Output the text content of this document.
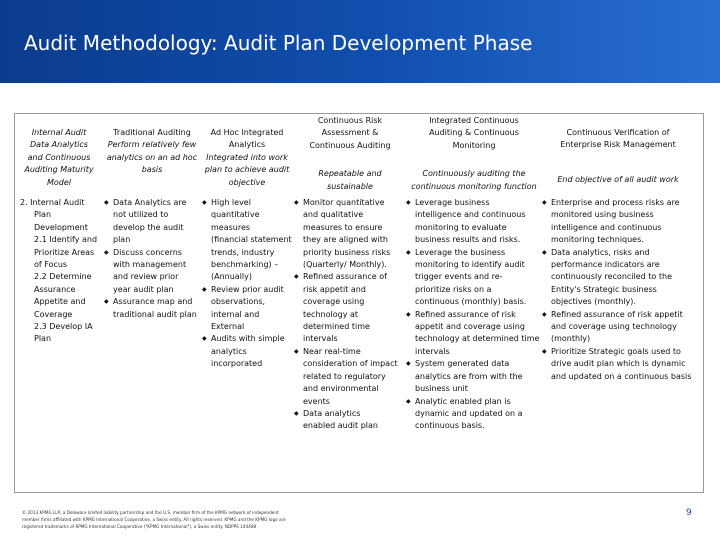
Audit Methodology: Audit Plan Development Phase
Internal Audit
Data Analytics
and Continuous
Auditing Maturity
Model
2. Internal Audit
Plan
Development
2.1 Identify and
Prioritize Areas
of Focus
2.2 Determine
Assurance
Appetite and
Coverage
2.3 Develop IA
Plan
Traditional Auditing
Perform relatively few
analytics on an ad hoc
basis
◆ Data Analytics are
not utilized to
develop the audit
plan
◆ Discuss concerns
with management
and review prior
year audit plan
◆ Assurance map and
traditional audit plan
Ad Hoc Integrated
Analytics
Integrated into work
plan to achieve audit
objective
◆ High level
quantitative
measures
(financial statement
trends, industry
benchmarking) –
(Annually)
◆ Review prior audit
observations,
internal and
External
◆ Audits with simple
analytics
incorporated
Continuous Risk
Assessment &
Continuous Auditing
Repeatable and
sustainable
◆ Monitor quantitative
and qualitative
measures to ensure
they are aligned with
priority business risks
(Quarterly/ Monthly).
◆ Refined assurance of
risk appetit and
coverage using
technology at
determined time
intervals
◆ Near real-time
consideration of impact
related to regulatory
and environmental
events
◆ Data analytics
enabled audit plan
Integrated Continuous
Auditing & Continuous
Monitoring
Continuously auditing the
continuous monitoring function
◆ Leverage business
intelligence and continuous
monitoring to evaluate
business results and risks.
◆ Leverage the business
monitoring to identify audit
trigger events and re-
prioritize risks on a
continuous (monthly) basis.
◆ Refined assurance of risk
appetit and coverage using
technology at determined time
intervals
◆ System generated data
analytics are from with the
business unit
◆ Analytic enabled plan is
dynamic and updated on a
continuous basis.
Continuous Verification of
Enterprise Risk Management
End objective of all audit work
◆ Enterprise and process risks are
monitored using business
intelligence and continuous
monitoring techniques.
◆ Data analytics, risks and
performance indicators are
continuously reconciled to the
Entity's Strategic business
objectives (monthly).
◆ Refined assurance of risk appetit
and coverage using technology
(monthly)
◆ Prioritize Strategic goals used to
drive audit plan which is dynamic
and updated on a continuous basis
© 2013 KPMG LLP, a Delaware limited liability partnership and the U.S. member firm of the KPMG network of independent
member firms affiliated with KPMG International Cooperative, a Swiss entity. All rights reserved. KPMG and the KPMG logo are
registered trademarks of KPMG International Cooperative ("KPMG International"), a Swiss entity. NDPPS 144488
9
